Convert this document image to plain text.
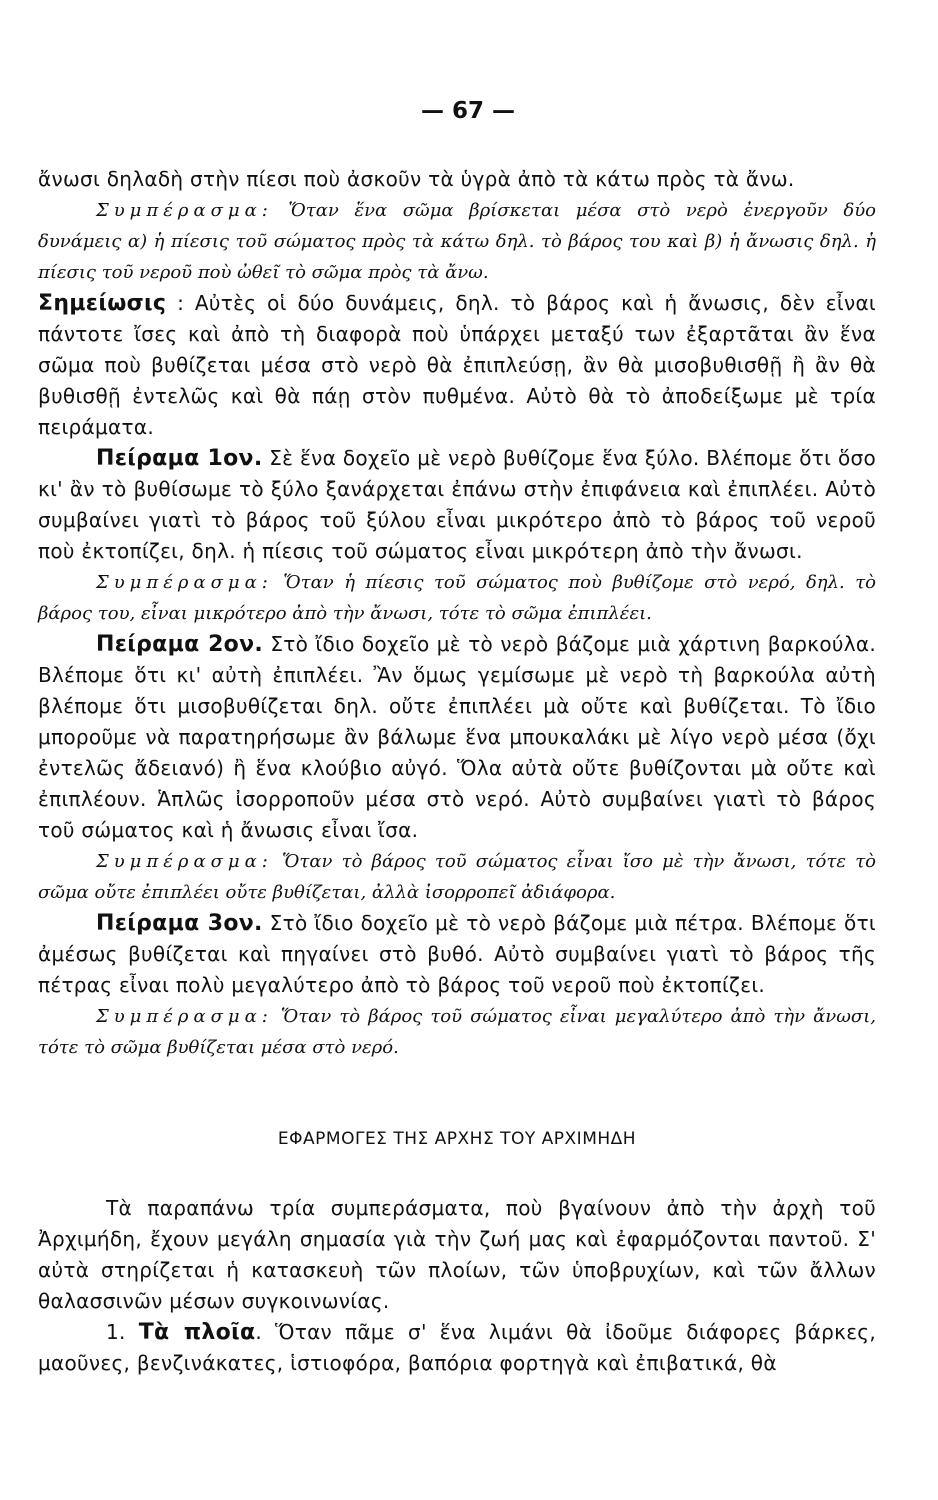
— 67 —

ἄνωσι δηλαδὴ στὴν πίεσι ποὺ ἀσκοῦν τὰ ὑγρὰ ἀπὸ τὰ κάτω πρὸς τὰ ἄνω.

Συμπέρασμα: Ὅταν ἕνα σῶμα βρίσκεται μέσα στὸ νερὸ ἐνεργοῦν δύο δυνάμεις α) ἡ πίεσις τοῦ σώματος πρὸς τὰ κάτω δηλ. τὸ βάρος του καὶ β) ἡ ἄνωσις δηλ. ἡ πίεσις τοῦ νεροῦ ποὺ ὠθεῖ τὸ σῶμα πρὸς τὰ ἄνω.

Σημείωσις : Αὐτὲς οἱ δύο δυνάμεις, δηλ. τὸ βάρος καὶ ἡ ἄνωσις, δὲν εἶναι πάντοτε ἴσες καὶ ἀπὸ τὴ διαφορὰ ποὺ ὑπάρχει μεταξύ των ἐξαρτᾶται ἂν ἕνα σῶμα ποὺ βυθίζεται μέσα στὸ νερὸ θὰ ἐπιπλεύσῃ, ἂν θὰ μισοβυθισθῇ ἢ ἂν θὰ βυθισθῇ ἐντελῶς καὶ θὰ πάῃ στὸν πυθμένα. Αὐτὸ θὰ τὸ ἀποδείξωμε μὲ τρία πειράματα.

Πείραμα 1ον. Σὲ ἕνα δοχεῖο μὲ νερὸ βυθίζομε ἕνα ξύλο. Βλέπομε ὅτι ὅσο κι' ἂν τὸ βυθίσωμε τὸ ξύλο ξανάρχεται ἐπάνω στὴν ἐπιφάνεια καὶ ἐπιπλέει. Αὐτὸ συμβαίνει γιατὶ τὸ βάρος τοῦ ξύλου εἶναι μικρότερο ἀπὸ τὸ βάρος τοῦ νεροῦ ποὺ ἐκτοπίζει, δηλ. ἡ πίεσις τοῦ σώματος εἶναι μικρότερη ἀπὸ τὴν ἄνωσι.

Συμπέρασμα: Ὅταν ἡ πίεσις τοῦ σώματος ποὺ βυθίζομε στὸ νερό, δηλ. τὸ βάρος του, εἶναι μικρότερο ἀπὸ τὴν ἄνωσι, τότε τὸ σῶμα ἐπιπλέει.

Πείραμα 2ον. Στὸ ἴδιο δοχεῖο μὲ τὸ νερὸ βάζομε μιὰ χάρτινη βαρκούλα. Βλέπομε ὅτι κι' αὐτὴ ἐπιπλέει. Ἂν ὅμως γεμίσωμε μὲ νερὸ τὴ βαρκούλα αὐτὴ βλέπομε ὅτι μισοβυθίζεται δηλ. οὔτε ἐπιπλέει μὰ οὔτε καὶ βυθίζεται. Τὸ ἴδιο μποροῦμε νὰ παρατηρήσωμε ἂν βάλωμε ἕνα μπουκαλάκι μὲ λίγο νερὸ μέσα (ὄχι ἐντελῶς ἄδειανό) ἢ ἕνα κλούβιο αὐγό. Ὅλα αὐτὰ οὔτε βυθίζονται μὰ οὔτε καὶ ἐπιπλέουν. Ἁπλῶς ἰσορροποῦν μέσα στὸ νερό. Αὐτὸ συμβαίνει γιατὶ τὸ βάρος τοῦ σώματος καὶ ἡ ἄνωσις εἶναι ἴσα.

Συμπέρασμα: Ὅταν τὸ βάρος τοῦ σώματος εἶναι ἴσο μὲ τὴν ἄνωσι, τότε τὸ σῶμα οὔτε ἐπιπλέει οὔτε βυθίζεται, ἀλλὰ ἰσορροπεῖ ἀδιάφορα.

Πείραμα 3ον. Στὸ ἴδιο δοχεῖο μὲ τὸ νερὸ βάζομε μιὰ πέτρα. Βλέπομε ὅτι ἀμέσως βυθίζεται καὶ πηγαίνει στὸ βυθό. Αὐτὸ συμβαίνει γιατὶ τὸ βάρος τῆς πέτρας εἶναι πολὺ μεγαλύτερο ἀπὸ τὸ βάρος τοῦ νεροῦ ποὺ ἐκτοπίζει.

Συμπέρασμα: Ὅταν τὸ βάρος τοῦ σώματος εἶναι μεγαλύτερο ἀπὸ τὴν ἄνωσι, τότε τὸ σῶμα βυθίζεται μέσα στὸ νερό.

ΕΦΑΡΜΟΓΕΣ ΤΗΣ ΑΡΧΗΣ ΤΟΥ ΑΡΧΙΜΗΔΗ

Τὰ παραπάνω τρία συμπεράσματα, ποὺ βγαίνουν ἀπὸ τὴν ἀρχὴ τοῦ Ἀρχιμήδη, ἔχουν μεγάλη σημασία γιὰ τὴν ζωή μας καὶ ἐφαρμόζονται παντοῦ. Σ' αὐτὰ στηρίζεται ἡ κατασκευὴ τῶν πλοίων, τῶν ὑποβρυχίων, καὶ τῶν ἄλλων θαλασσινῶν μέσων συγκοινωνίας.

1. Τὰ πλοῖα. Ὅταν πᾶμε σ' ἕνα λιμάνι θὰ ἰδοῦμε διάφορες βάρκες, μαοῦνες, βενζινάκατες, ἱστιοφόρα, βαπόρια φορτηγὰ καὶ ἐπιβατικά, θὰ
